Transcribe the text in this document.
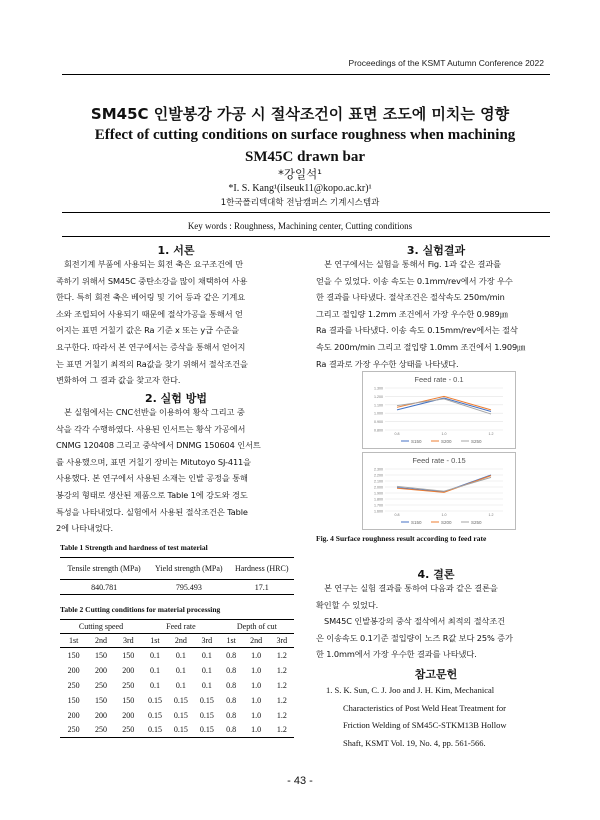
Proceedings of the KSMT Autumn Conference 2022
SM45C 인발봉강 가공 시 절삭조건이 표면 조도에 미치는 영향
Effect of cutting conditions on surface roughness when machining SM45C drawn bar
*강일석¹
*I. S. Kang¹(ilseuk11@kopo.ac.kr)¹
1한국폴리텍대학 전남캠퍼스 기계시스템과
Key words : Roughness, Machining center, Cutting conditions
1. 서론
회전기계 부품에 사용되는 회전 축은 요구조건에 만
족하기 위해서 SM45C 중탄소강을 많이 채택하여 사용
한다. 특히 회전 축은 베어링 및 기어 등과 같은 기계요
소와 조립되어 사용되기 때문에 절삭가공을 통해서 얻
어지는 표면 거칠기 값은 Ra 기준 x 또는 y급 수준을
요구한다. 따라서 본 연구에서는 증삭을 통해서 얻어지
는 표면 거칠기 최적의 Ra값을 찾기 위해서 절삭조건을
변화하여 그 결과 값을 찾고자 한다.
2. 실험 방법
본 실험에서는 CNC선반을 이용하여 황삭 그리고 중
삭을 각각 수행하였다. 사용된 인서트는 황삭 가공에서
CNMG 120408 그리고 중삭에서 DNMG 150604 인서트
를 사용했으며, 표면 거칠기 장비는 Mitutoyo SJ-411을
사용했다. 본 연구에서 사용된 소재는 인발 공정을 통해
봉강의 형태로 생산된 제품으로 Table 1에 강도와 경도
특성을 나타내었다. 실험에서 사용된 절삭조건은 Table
2에 나타내었다.
Table 1 Strength and hardness of test material
Tensile strength (MPa)	Yield strength (MPa)	Hardness (HRC)
840.781	795.493	17.1
Table 2 Cutting conditions for material processing
Cutting speed			Feed rate			Depth of cut		
1st	2nd	3rd	1st	2nd	3rd	1st	2nd	3rd
150	150	150	0.1	0.1	0.1	0.8	1.0	1.2
200	200	200	0.1	0.1	0.1	0.8	1.0	1.2
250	250	250	0.1	0.1	0.1	0.8	1.0	1.2
150	150	150	0.15	0.15	0.15	0.8	1.0	1.2
200	200	200	0.15	0.15	0.15	0.8	1.0	1.2
250	250	250	0.15	0.15	0.15	0.8	1.0	1.2
3. 실험결과
본 연구에서는 실험을 통해서 Fig. 1과 같은 결과를
얻을 수 있었다. 이송 속도는 0.1mm/rev에서 가장 우수
한 결과를 나타냈다. 절삭조건은 절삭속도 250m/min
그리고 절입량 1.2mm 조건에서 가장 우수한 0.989㎛
Ra 결과를 나타냈다. 이송 속도 0.15mm/rev에서는 절삭
속도 200m/min 그리고 절입량 1.0mm 조건에서 1.909㎛
Ra 결과로 가장 우수한 상태를 나타냈다.
Feed rate - 0.1
0.800
0.900
1.000
1.100
1.200
1.300
0.8	1.0	1.2
S150	S200	S250
Feed rate - 0.15
1.600
1.700
1.800
1.900
2.000
2.100
2.200
2.300
0.8	1.0	1.2
S150	S200	S250
Fig. 4 Surface roughness result according to feed rate
4. 결론
본 연구는 실험 결과를 통하여 다음과 같은 결론을
확인할 수 있었다.
SM45C 인발봉강의 중삭 절삭에서 최적의 절삭조건
은 이송속도 0.1기준 절입량이 노즈 R값 보다 25% 증가
한 1.0mm에서 가장 우수한 결과를 나타냈다.
참고문헌
1. S. K. Sun, C. J. Joo and J. H. Kim, Mechanical
Characteristics of Post Weld Heat Treatment for
Friction Welding of SM45C-STKM13B Hollow
Shaft, KSMT Vol. 19, No. 4, pp. 561-566.
- 43 -
